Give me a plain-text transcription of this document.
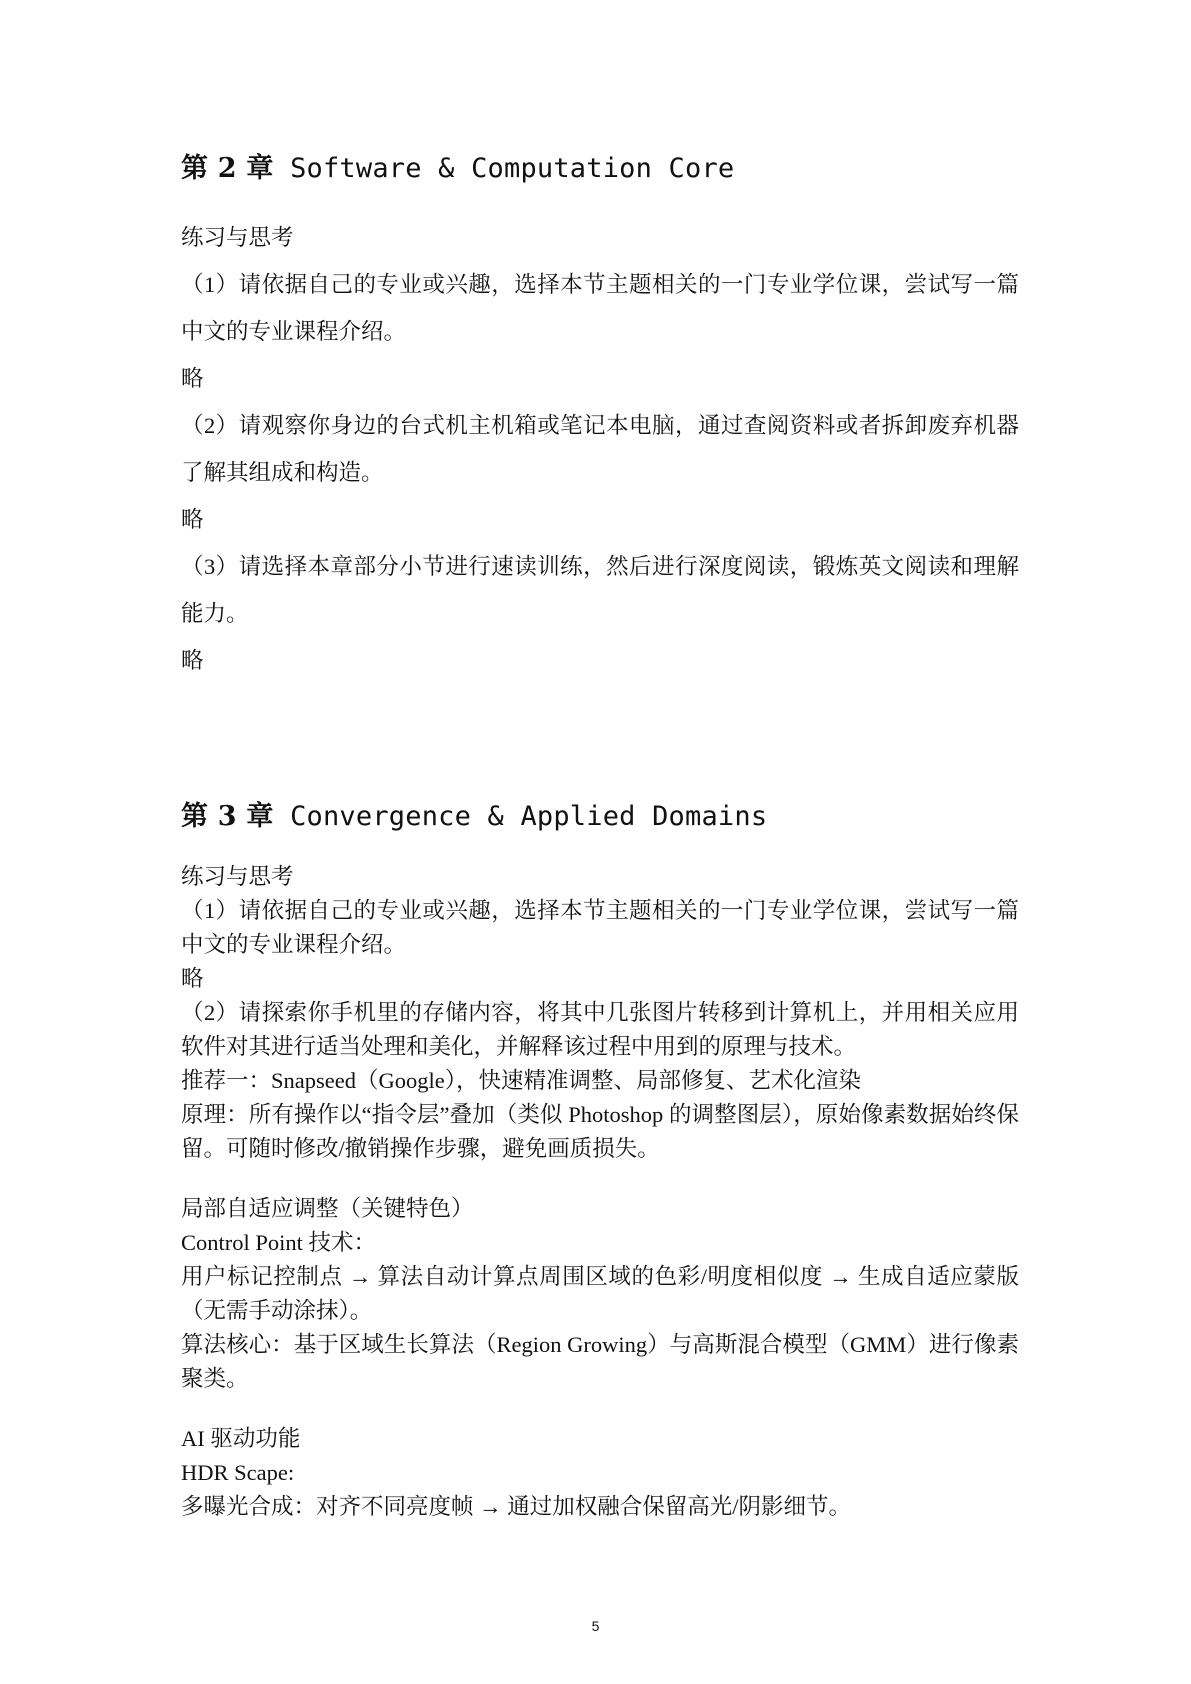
第 2 章 Software & Computation Core

练习与思考

（1）请依据自己的专业或兴趣，选择本节主题相关的一门专业学位课，尝试写一篇中文的专业课程介绍。

略

（2）请观察你身边的台式机主机箱或笔记本电脑，通过查阅资料或者拆卸废弃机器了解其组成和构造。

略

（3）请选择本章部分小节进行速读训练，然后进行深度阅读，锻炼英文阅读和理解能力。

略

第 3 章 Convergence & Applied Domains

练习与思考

（1）请依据自己的专业或兴趣，选择本节主题相关的一门专业学位课，尝试写一篇中文的专业课程介绍。

略

（2）请探索你手机里的存储内容，将其中几张图片转移到计算机上，并用相关应用软件对其进行适当处理和美化，并解释该过程中用到的原理与技术。

推荐一：Snapseed（Google），快速精准调整、局部修复、艺术化渲染

原理：所有操作以“指令层”叠加（类似 Photoshop 的调整图层），原始像素数据始终保留。可随时修改/撤销操作步骤，避免画质损失。

局部自适应调整（关键特色）

Control Point 技术：

用户标记控制点 → 算法自动计算点周围区域的色彩/明度相似度 → 生成自适应蒙版（无需手动涂抹）。

算法核心：基于区域生长算法（Region Growing）与高斯混合模型（GMM）进行像素聚类。

AI 驱动功能

HDR Scape:

多曝光合成：对齐不同亮度帧 → 通过加权融合保留高光/阴影细节。

5
